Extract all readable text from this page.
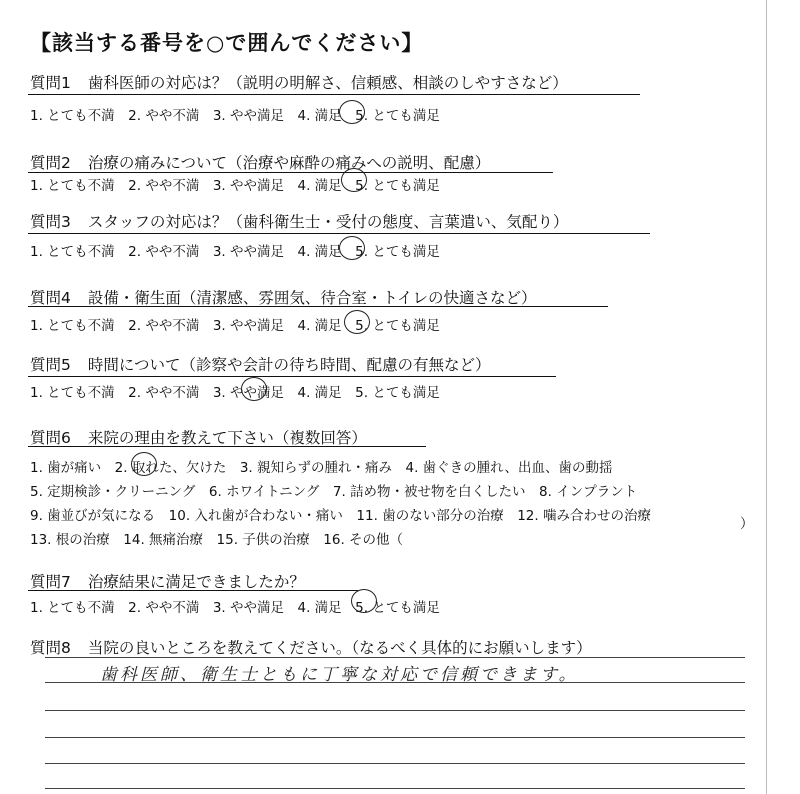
【該当する番号を○で囲んでください】
質問1 歯科医師の対応は？（説明の明解さ、信頼感、相談のしやすさなど）
1. とても不満　2. やや不満　3. やや満足　4. 満足　5. とても満足
質問2 治療の痛みについて（治療や麻酔の痛みへの説明、配慮）
1. とても不満　2. やや不満　3. やや満足　4. 満足　5. とても満足
質問3 スタッフの対応は？（歯科衛生士・受付の態度、言葉遣い、気配り）
1. とても不満　2. やや不満　3. やや満足　4. 満足　5. とても満足
質問4 設備・衛生面（清潔感、雰囲気、待合室・トイレの快適さなど）
1. とても不満　2. やや不満　3. やや満足　4. 満足　5. とても満足
質問5 時間について（診察や会計の待ち時間、配慮の有無など）
1. とても不満　2. やや不満　3. やや満足　4. 満足　5. とても満足
質問6 来院の理由を教えて下さい（複数回答）
1. 歯が痛い　2. 取れた、欠けた　3. 親知らずの腫れ・痛み　4. 歯ぐきの腫れ、出血、歯の動揺
5. 定期検診・クリーニング　6. ホワイトニング　7. 詰め物・被せ物を白くしたい　8. インプラント
9. 歯並びが気になる　10. 入れ歯が合わない・痛い　11. 歯のない部分の治療　12. 噛み合わせの治療
13. 根の治療　14. 無痛治療　15. 子供の治療　16. その他（
）
質問7 治療結果に満足できましたか？
1. とても不満　2. やや不満　3. やや満足　4. 満足　5. とても満足
質問8 当院の良いところを教えてください。（なるべく具体的にお願いします）
歯科医師、衛生士ともに丁寧な対応で信頼できます。
